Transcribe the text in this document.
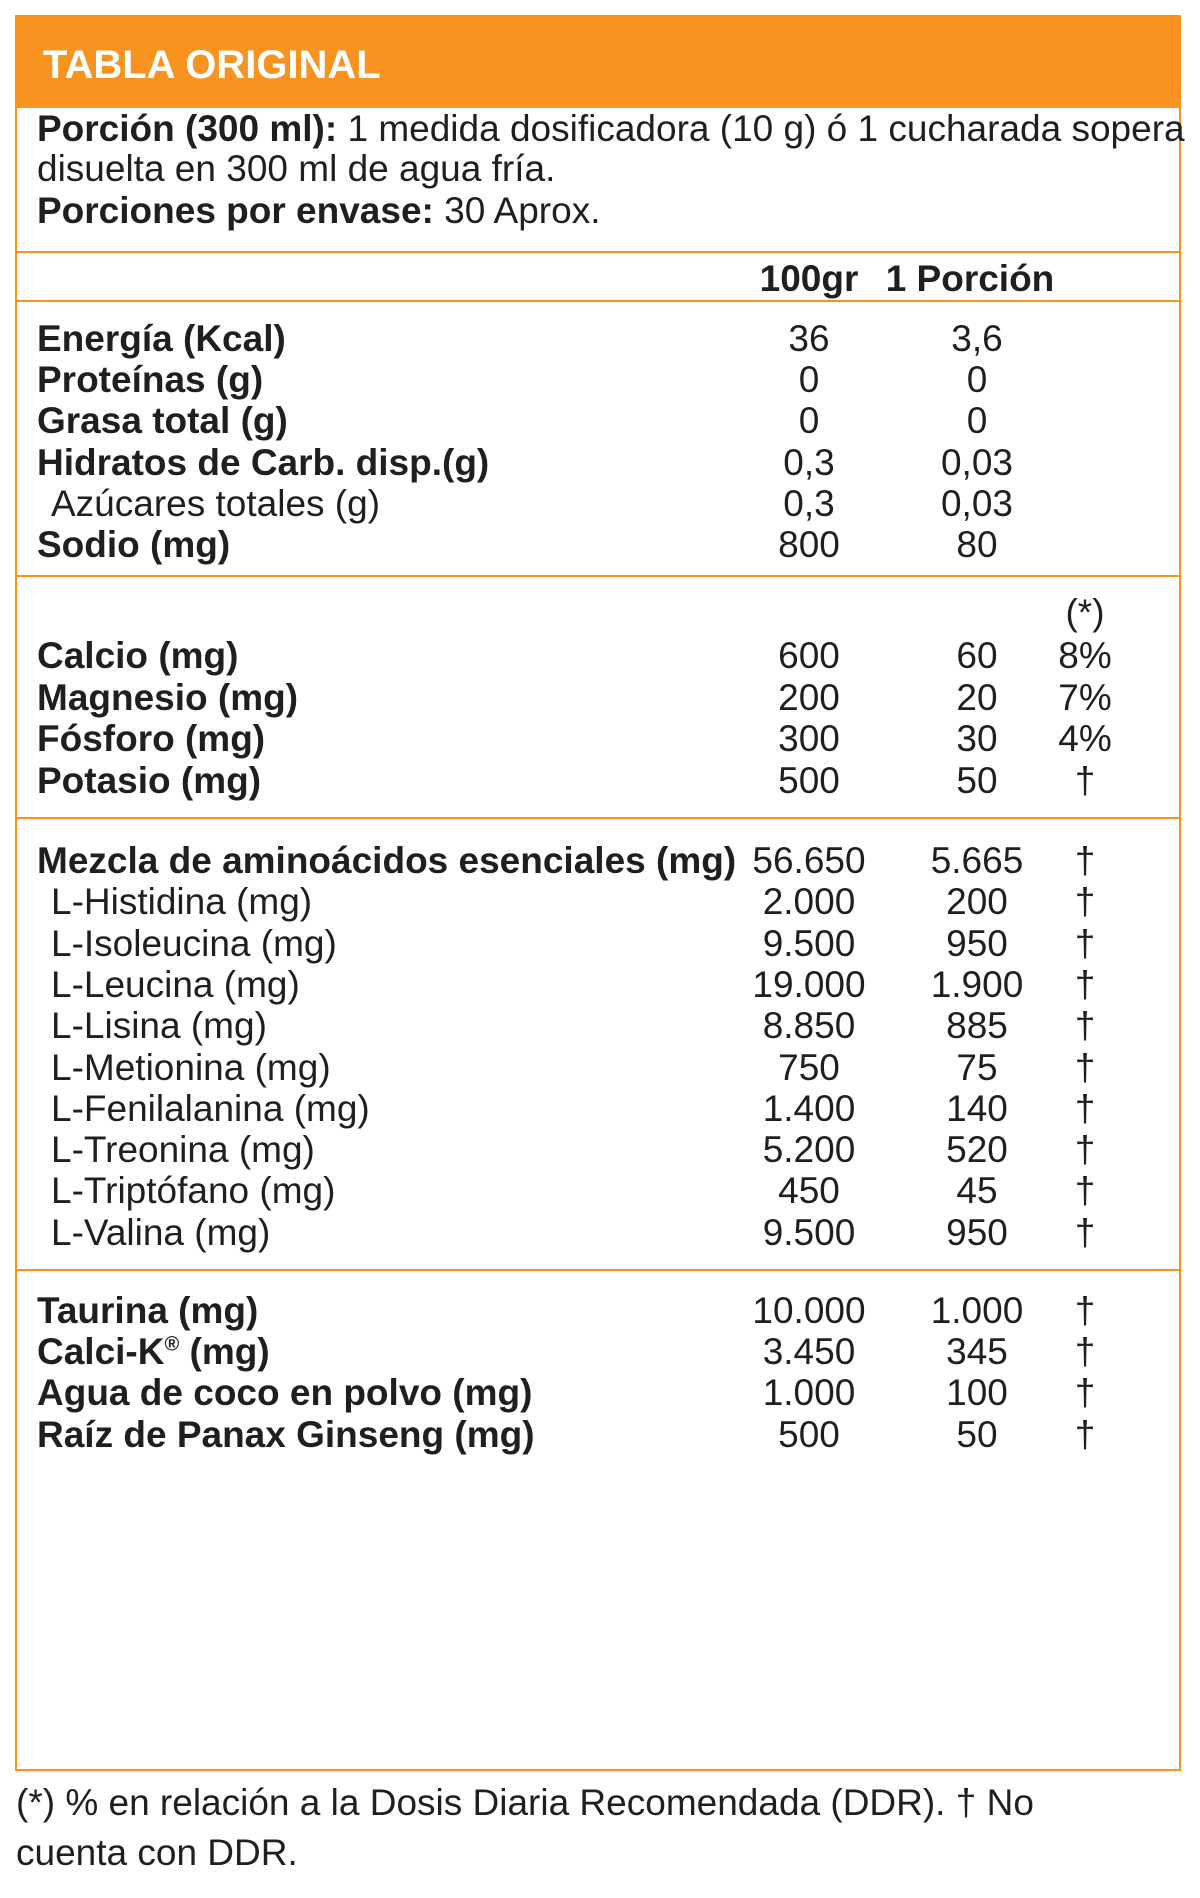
TABLA ORIGINAL
Porción (300 ml): 1 medida dosificadora (10 g) ó 1 cucharada sopera
disuelta en 300 ml de agua fría.
Porciones por envase: 30 Aprox.
100gr 1 Porción
Energía (Kcal)	36	3,6
Proteínas (g)	0	0
Grasa total (g)	0	0
Hidratos de Carb. disp.(g)	0,3	0,03
Azúcares totales (g)	0,3	0,03
Sodio (mg)	800	80
(*)
Calcio (mg)	600	60	8%
Magnesio (mg)	200	20	7%
Fósforo (mg)	300	30	4%
Potasio (mg)	500	50	†
Mezcla de aminoácidos esenciales (mg) 56.650	5.665	†
L-Histidina (mg)	2.000	200	†
L-Isoleucina (mg)	9.500	950	†
L-Leucina (mg)	19.000	1.900	†
L-Lisina (mg)	8.850	885	†
L-Metionina (mg)	750	75	†
L-Fenilalanina (mg)	1.400	140	†
L-Treonina (mg)	5.200	520	†
L-Triptófano (mg)	450	45	†
L-Valina (mg)	9.500	950	†
Taurina (mg)	10.000	1.000	†
Calci-K® (mg)	3.450	345	†
Agua de coco en polvo (mg)	1.000	100	†
Raíz de Panax Ginseng (mg)	500	50	†
(*) % en relación a la Dosis Diaria Recomendada (DDR). † No
cuenta con DDR.
